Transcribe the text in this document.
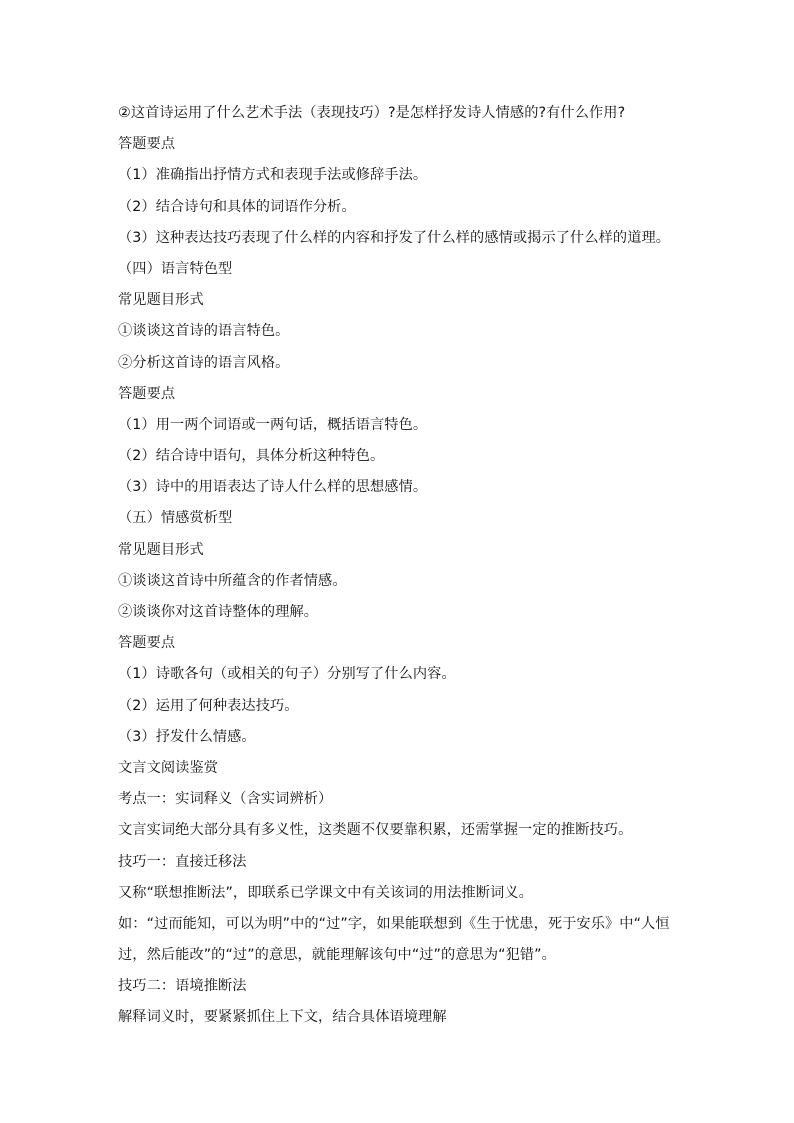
②这首诗运用了什么艺术手法（表现技巧）?是怎样抒发诗人情感的?有什么作用?
答题要点
（1）准确指出抒情方式和表现手法或修辞手法。
（2）结合诗句和具体的词语作分析。
（3）这种表达技巧表现了什么样的内容和抒发了什么样的感情或揭示了什么样的道理。
（四）语言特色型
常见题目形式
①谈谈这首诗的语言特色。
②分析这首诗的语言风格。
答题要点
（1）用一两个词语或一两句话，概括语言特色。
（2）结合诗中语句，具体分析这种特色。
（3）诗中的用语表达了诗人什么样的思想感情。
（五）情感赏析型
常见题目形式
①谈谈这首诗中所蕴含的作者情感。
②谈谈你对这首诗整体的理解。
答题要点
（1）诗歌各句（或相关的句子）分别写了什么内容。
（2）运用了何种表达技巧。
（3）抒发什么情感。
文言文阅读鉴赏
考点一：实词释义（含实词辨析）
文言实词绝大部分具有多义性，这类题不仅要靠积累，还需掌握一定的推断技巧。
技巧一：直接迁移法
又称“联想推断法”，即联系已学课文中有关该词的用法推断词义。
如：“过而能知，可以为明”中的“过”字，如果能联想到《生于忧患，死于安乐》中“人恒过，然后能改”的“过”的意思，就能理解该句中“过”的意思为“犯错”。
技巧二：语境推断法
解释词义时，要紧紧抓住上下文，结合具体语境理解
